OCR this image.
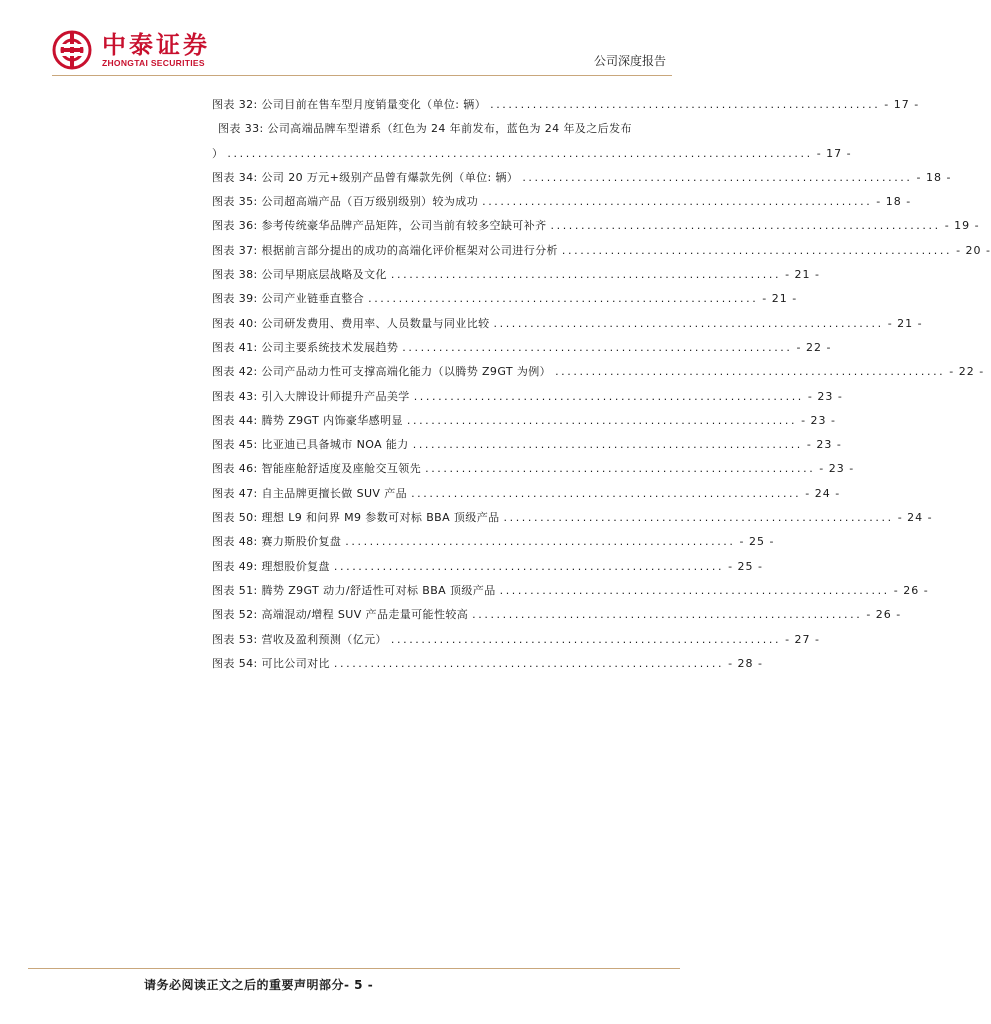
中泰证券
ZHONGTAI SECURITIES	公司深度报告
图表 32: 公司目前在售车型月度销量变化（单位: 辆） ................................................................ - 17 -
图表 33: 公司高端品牌车型谱系（红色为 24 年前发布，蓝色为 24 年及之后发布
） ................................................................................................ - 17 -
图表 34: 公司 20 万元+级别产品曾有爆款先例（单位: 辆） ................................................................ - 18 -
图表 35: 公司超高端产品（百万级别级别）较为成功 ................................................................ - 18 -
图表 36: 参考传统豪华品牌产品矩阵，公司当前有较多空缺可补齐 ................................................................ - 19 -
图表 37: 根据前言部分提出的成功的高端化评价框架对公司进行分析 ................................................................ - 20 -
图表 38: 公司早期底层战略及文化 ................................................................ - 21 -
图表 39: 公司产业链垂直整合 ................................................................ - 21 -
图表 40: 公司研发费用、费用率、人员数量与同业比较 ................................................................ - 21 -
图表 41: 公司主要系统技术发展趋势 ................................................................ - 22 -
图表 42: 公司产品动力性可支撑高端化能力（以腾势 Z9GT 为例） ................................................................ - 22 -
图表 43: 引入大牌设计师提升产品美学 ................................................................ - 23 -
图表 44: 腾势 Z9GT 内饰豪华感明显 ................................................................ - 23 -
图表 45: 比亚迪已具备城市 NOA 能力 ................................................................ - 23 -
图表 46: 智能座舱舒适度及座舱交互领先 ................................................................ - 23 -
图表 47: 自主品牌更擅长做 SUV 产品 ................................................................ - 24 -
图表 50: 理想 L9 和问界 M9 参数可对标 BBA 顶级产品 ................................................................ - 24 -
图表 48: 赛力斯股价复盘 ................................................................ - 25 -
图表 49: 理想股价复盘 ................................................................ - 25 -
图表 51: 腾势 Z9GT 动力/舒适性可对标 BBA 顶级产品 ................................................................ - 26 -
图表 52: 高端混动/增程 SUV 产品走量可能性较高 ................................................................ - 26 -
图表 53: 营收及盈利预测（亿元） ................................................................ - 27 -
图表 54: 可比公司对比 ................................................................ - 28 -
请务必阅读正文之后的重要声明部分- 5 -
